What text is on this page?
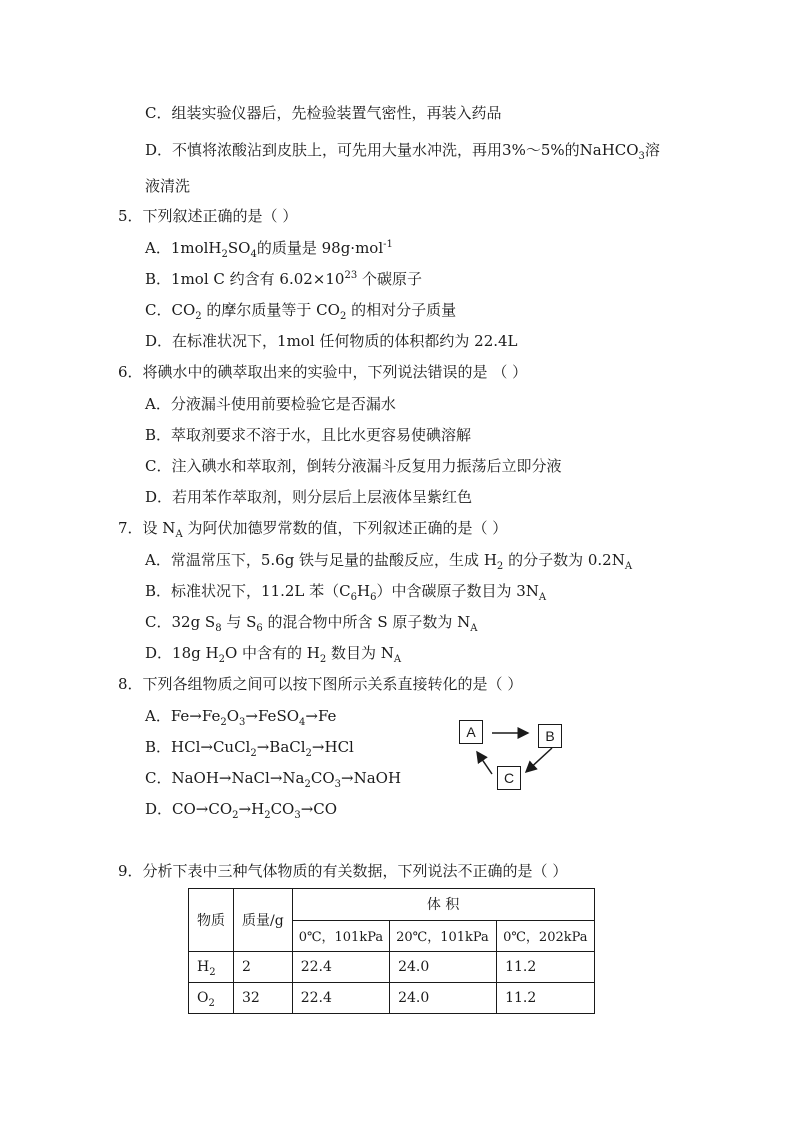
C．组装实验仪器后，先检验装置气密性，再装入药品
D．不慎将浓酸沾到皮肤上，可先用大量水冲洗，再用3%～5%的NaHCO$_3$溶
液清洗
5．下列叙述正确的是（ ）
A．$1molH_2SO_4$的质量是 98g·mol$^{-1}$
B．1mol C 约含有 $6.02\times 10^{23}$ 个碳原子
C．$CO_2$ 的摩尔质量等于 $CO_2$ 的相对分子质量
D．在标准状况下，1mol 任何物质的体积都约为 22.4L
6．将碘水中的碘萃取出来的实验中，下列说法错误的是 （ ）
A．分液漏斗使用前要检验它是否漏水
B．萃取剂要求不溶于水，且比水更容易使碘溶解
C．注入碘水和萃取剂，倒转分液漏斗反复用力振荡后立即分液
D．若用苯作萃取剂，则分层后上层液体呈紫红色
7．设 $N_A$ 为阿伏加德罗常数的值，下列叙述正确的是（ ）
A．常温常压下，5.6g 铁与足量的盐酸反应，生成 $H_2$ 的分子数为 $0.2N_A$
B．标准状况下，11.2L 苯$(C_6H_6)$中含碳原子数目为 $3N_A$
C．32g $S_8$ 与 $S_6$ 的混合物中所含 S 原子数为 $N_A$
D．18g $H_2O$ 中含有的 $H_2$ 数目为 $N_A$
8．下列各组物质之间可以按下图所示关系直接转化的是（ ）
A．$Fe\to Fe_2O_3\to FeSO_4\to Fe$
B．HCl→CuCl$_2$→BaCl$_2$→HCl
C．$NaOH\to NaCl\to Na_2CO_3\to NaOH$
D．$CO\to CO_2\to H_2CO_3\to CO$
A	B
C
9．分析下表中三种气体物质的有关数据，下列说法不正确的是（ ）
物质	质量/g	体 积		
		0℃，101kPa	20℃，101kPa	0℃，202kPa
$H_2$	2	22.4	24.0	11.2
$O_2$	32	22.4	24.0	11.2
